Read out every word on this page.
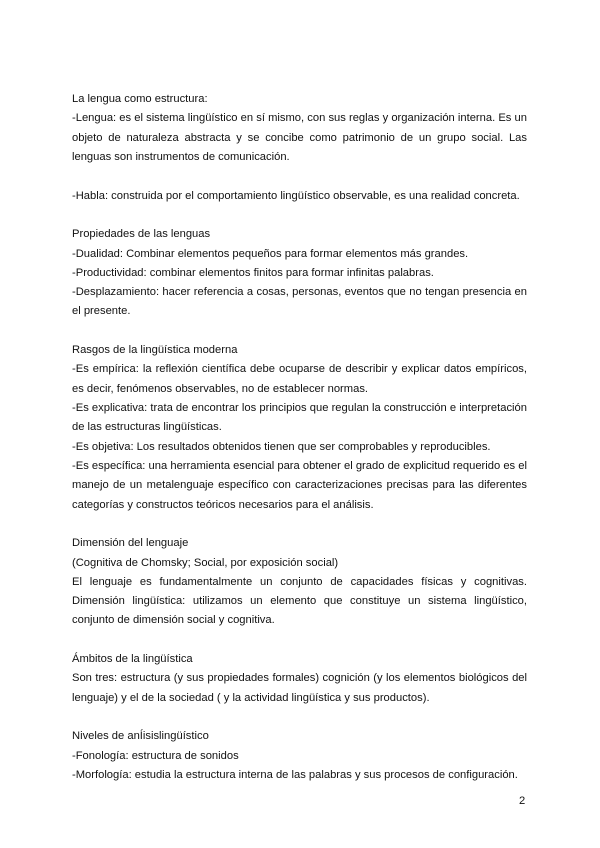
La lengua como estructura:

-Lengua: es el sistema lingüístico en sí mismo, con sus reglas y organización interna. Es un objeto de naturaleza abstracta y se concibe como patrimonio de un grupo social. Las lenguas son instrumentos de comunicación.

-Habla: construida por el comportamiento lingüístico observable, es una realidad concreta.

Propiedades de las lenguas

-Dualidad: Combinar elementos pequeños para formar elementos más grandes.

-Productividad: combinar elementos finitos para formar infinitas palabras.

-Desplazamiento: hacer referencia a cosas, personas, eventos que no tengan presencia en el presente.

Rasgos de la lingüística moderna

-Es empírica: la reflexión científica debe ocuparse de describir y explicar datos empíricos, es decir, fenómenos observables, no de establecer normas.

-Es explicativa: trata de encontrar los principios que regulan la construcción e interpretación de las estructuras lingüísticas.

-Es objetiva: Los resultados obtenidos tienen que ser comprobables y reproducibles.

-Es específica: una herramienta esencial para obtener el grado de explicitud requerido es el manejo de un metalenguaje específico con caracterizaciones precisas para las diferentes categorías y constructos teóricos necesarios para el análisis.

Dimensión del lenguaje

(Cognitiva de Chomsky; Social, por exposición social)

El lenguaje es fundamentalmente un conjunto de capacidades físicas y cognitivas. Dimensión lingüística: utilizamos un elemento que constituye un sistema lingüístico, conjunto de dimensión social y cognitiva.

Ámbitos de la lingüística

Son tres: estructura (y sus propiedades formales) cognición (y los elementos biológicos del lenguaje) y el de la sociedad ( y la actividad lingüística y sus productos).

Niveles de anÍisislingüístico

-Fonología: estructura de sonidos

-Morfología: estudia la estructura interna de las palabras y sus procesos de configuración.

2
